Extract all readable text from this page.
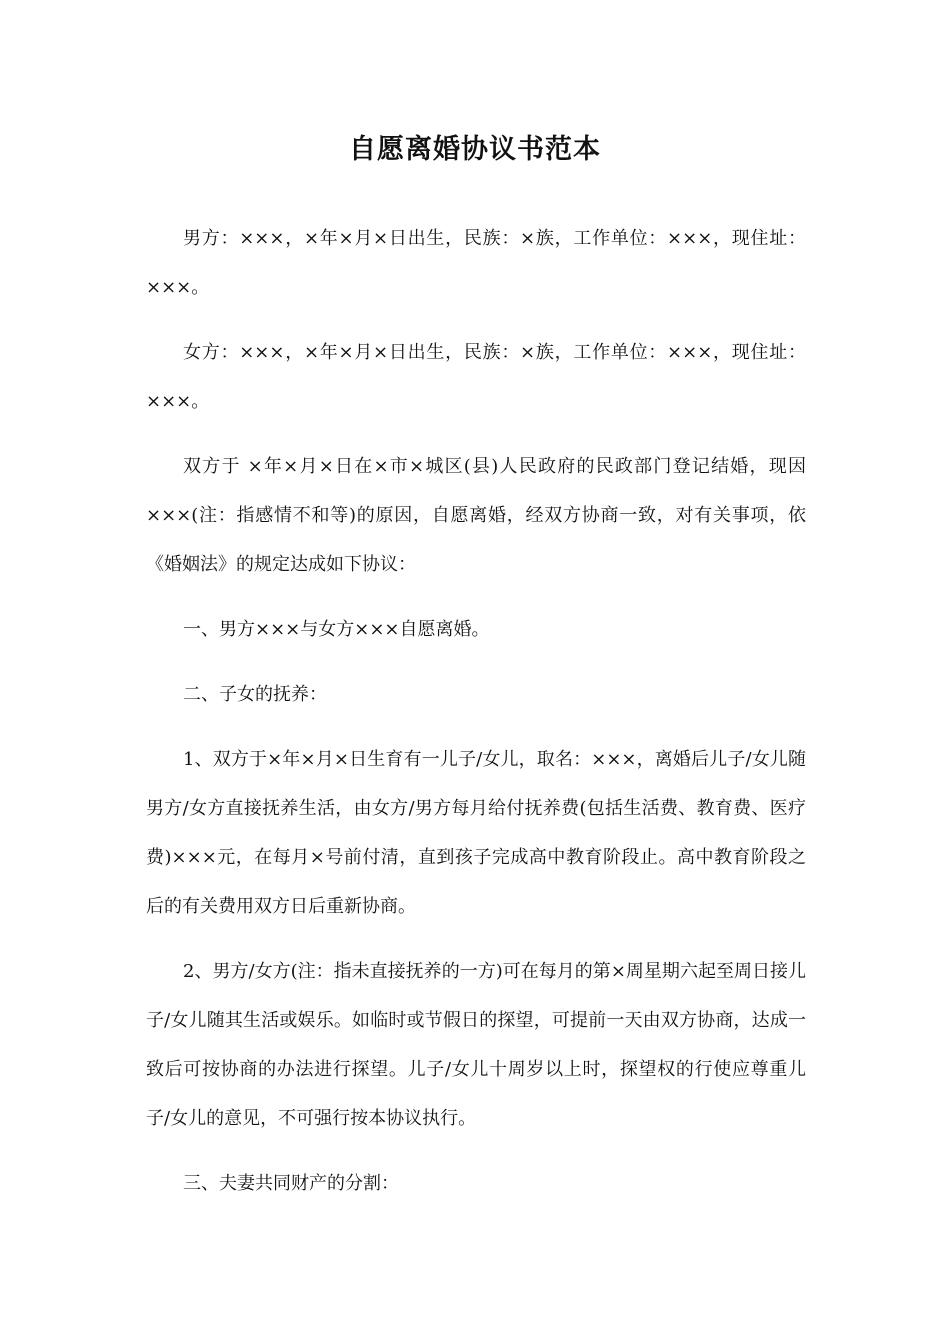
自愿离婚协议书范本

男方：×××，×年×月×日出生，民族：×族，工作单位：×××，现住址：×××。

女方：×××，×年×月×日出生，民族：×族，工作单位：×××，现住址：×××。

双方于 ×年×月×日在×市×城区(县)人民政府的民政部门登记结婚，现因×××(注：指感情不和等)的原因，自愿离婚，经双方协商一致，对有关事项，依《婚姻法》的规定达成如下协议：

一、男方×××与女方×××自愿离婚。

二、子女的抚养：

1、双方于×年×月×日生育有一儿子/女儿，取名：×××，离婚后儿子/女儿随男方/女方直接抚养生活，由女方/男方每月给付抚养费(包括生活费、教育费、医疗费)×××元，在每月×号前付清，直到孩子完成高中教育阶段止。高中教育阶段之后的有关费用双方日后重新协商。

2、男方/女方(注：指未直接抚养的一方)可在每月的第×周星期六起至周日接儿子/女儿随其生活或娱乐。如临时或节假日的探望，可提前一天由双方协商，达成一致后可按协商的办法进行探望。儿子/女儿十周岁以上时，探望权的行使应尊重儿子/女儿的意见，不可强行按本协议执行。

三、夫妻共同财产的分割：
